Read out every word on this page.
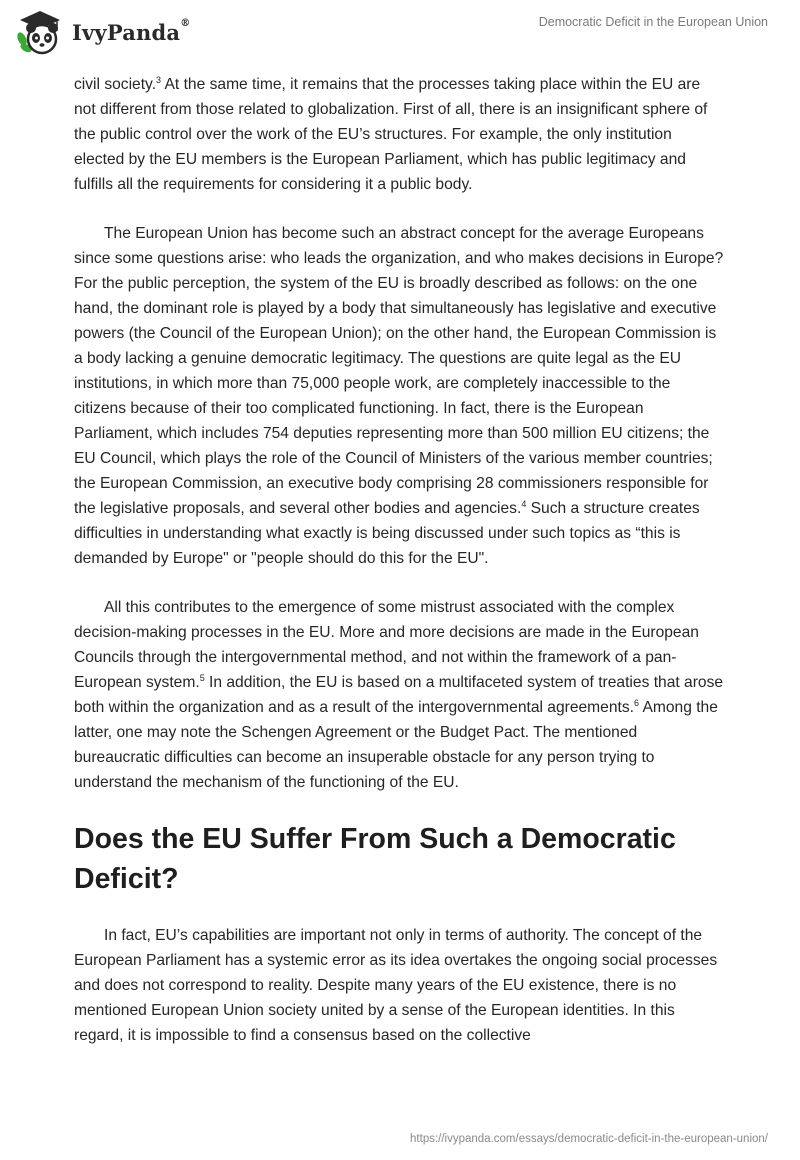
IvyPanda®	Democratic Deficit in the European Union

civil society.$^3$ At the same time, it remains that the processes taking place within the EU are not different from those related to globalization. First of all, there is an insignificant sphere of the public control over the work of the EU’s structures. For example, the only institution elected by the EU members is the European Parliament, which has public legitimacy and fulfills all the requirements for considering it a public body.

The European Union has become such an abstract concept for the average Europeans since some questions arise: who leads the organization, and who makes decisions in Europe? For the public perception, the system of the EU is broadly described as follows: on the one hand, the dominant role is played by a body that simultaneously has legislative and executive powers (the Council of the European Union); on the other hand, the European Commission is a body lacking a genuine democratic legitimacy. The questions are quite legal as the EU institutions, in which more than 75,000 people work, are completely inaccessible to the citizens because of their too complicated functioning. In fact, there is the European Parliament, which includes 754 deputies representing more than 500 million EU citizens; the EU Council, which plays the role of the Council of Ministers of the various member countries; the European Commission, an executive body comprising 28 commissioners responsible for the legislative proposals, and several other bodies and agencies.$^4$ Such a structure creates difficulties in understanding what exactly is being discussed under such topics as “this is demanded by Europe" or "people should do this for the EU".

All this contributes to the emergence of some mistrust associated with the complex decision-making processes in the EU. More and more decisions are made in the European Councils through the intergovernmental method, and not within the framework of a pan-European system.$^5$ In addition, the EU is based on a multifaceted system of treaties that arose both within the organization and as a result of the intergovernmental agreements.$^6$ Among the latter, one may note the Schengen Agreement or the Budget Pact. The mentioned bureaucratic difficulties can become an insuperable obstacle for any person trying to understand the mechanism of the functioning of the EU.

Does the EU Suffer From Such a Democratic Deficit?

In fact, EU’s capabilities are important not only in terms of authority. The concept of the European Parliament has a systemic error as its idea overtakes the ongoing social processes and does not correspond to reality. Despite many years of the EU existence, there is no mentioned European Union society united by a sense of the European identities. In this regard, it is impossible to find a consensus based on the collective

https://ivypanda.com/essays/democratic-deficit-in-the-european-union/
